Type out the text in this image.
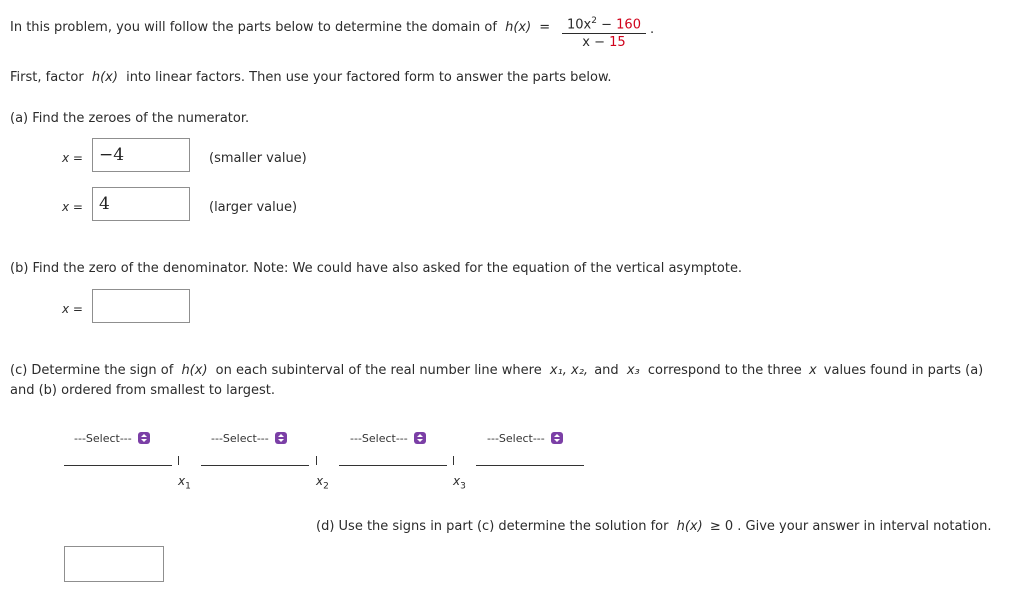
In this problem, you will follow the parts below to determine the domain of $h(x) = \frac{10x^2 - 160}{x - 15}$ .
First, factor h(x) into linear factors. Then use your factored form to answer the parts below.
(a) Find the zeroes of the numerator.
x = −4	(smaller value)
x = 4	(larger value)
(b) Find the zero of the denominator. Note: We could have also asked for the equation of the vertical asymptote.
x =
(c) Determine the sign of h(x) on each subinterval of the real number line where x₁, x₂, and x₃ correspond to the three x values found in parts (a)
and (b) ordered from smallest to largest.
---Select---	---Select---	---Select---	---Select---
$x_1$	$x_2$	$x_3$
(d) Use the signs in part (c) determine the solution for h(x) ≥ 0 . Give your answer in interval notation.
